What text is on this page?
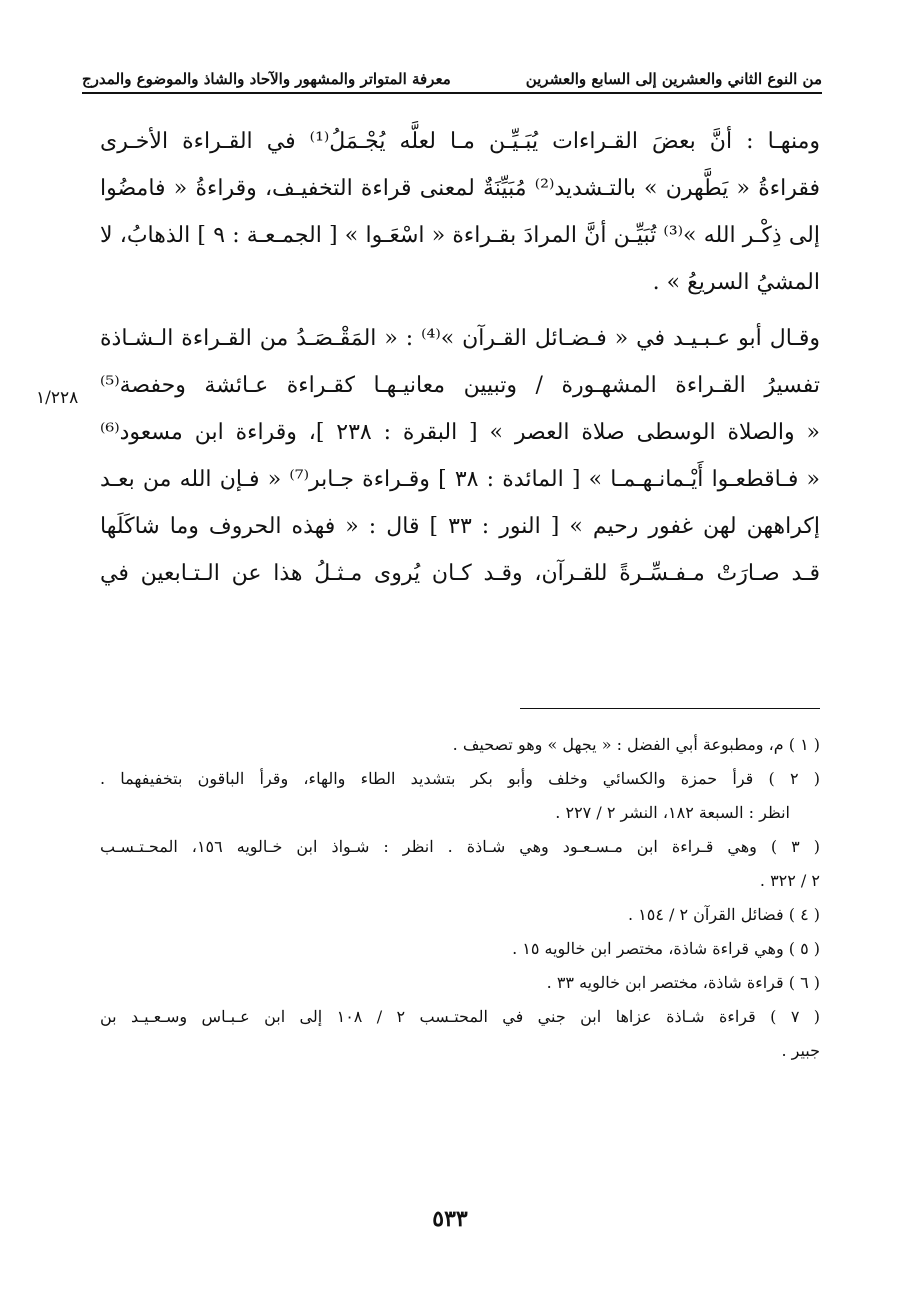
من النوع الثاني والعشرين إلى السابع والعشرين
معرفة المتواتر والمشهور والآحاد والشاذ والموضوع والمدرج
١/٢٢٨
ومنهـا : أنَّ بعضَ القـراءات يُبَـيِّـن مـا لعلَّه يُجْـمَلُ⁽¹⁾ في القـراءة الأخـرى
فقراءةُ « يَطَّهرن » بالتـشديد⁽²⁾ مُبَيِّنَةٌ لمعنى قراءة التخفيـف، وقراءةُ « فامضُوا
إلى ذِكْـر الله »⁽³⁾ تُبَيِّـن أنَّ المرادَ بقـراءة « اسْعَـوا » [ الجمـعـة : ٩ ] الذهابُ، لا
المشيُ السريعُ » .
وقـال أبو عـبـيـد في « فـضـائل القـرآن »⁽⁴⁾ : « المَقْـصَـدُ من القـراءة الـشـاذة
تفسيرُ القـراءة المشهـورة / وتبيين معانيـهـا كقـراءة عـائشة وحفصة⁽⁵⁾
« والصلاة الوسطى صلاة العصر » [ البقرة : ٢٣٨ ]، وقراءة ابن مسعود⁽⁶⁾
« فـاقطعـوا أَيْـمانـهـمـا » [ المائدة : ٣٨ ] وقـراءة جـابر⁽⁷⁾ « فـإن الله من بعـد
إكراههن لهن غفور رحيم » [ النور : ٣٣ ] قال : « فهذه الحروف وما شاكَلَها
قـد صـارَتْ مـفـسِّـرةً للقـرآن، وقـد كـان يُروى مـثـلُ هذا عن الـتـابعين في
( ١ ) م، ومطبوعة أبي الفضل : « يجهل » وهو تصحيف .
( ٢ ) قرأ حمزة والكسائي وخلف وأبو بكر بتشديد الطاء والهاء، وقرأ الباقون بتخفيفهما .
انظر : السبعة ١٨٢، النشر ٢ / ٢٢٧ .
( ٣ ) وهي قـراءة ابن مـسـعـود وهي شـاذة . انظر : شـواذ ابن خـالويه ١٥٦، المحـتـسـب
٢ / ٣٢٢ .
( ٤ ) فضائل القرآن ٢ / ١٥٤ .
( ٥ ) وهي قراءة شاذة، مختصر ابن خالويه ١٥ .
( ٦ ) قراءة شاذة، مختصر ابن خالويه ٣٣ .
( ٧ ) قراءة شـاذة عزاها ابن جني في المحتـسب ٢ / ١٠٨ إلى ابن عـبـاس وسـعـيـد بن
جبير .
٥٣٣
